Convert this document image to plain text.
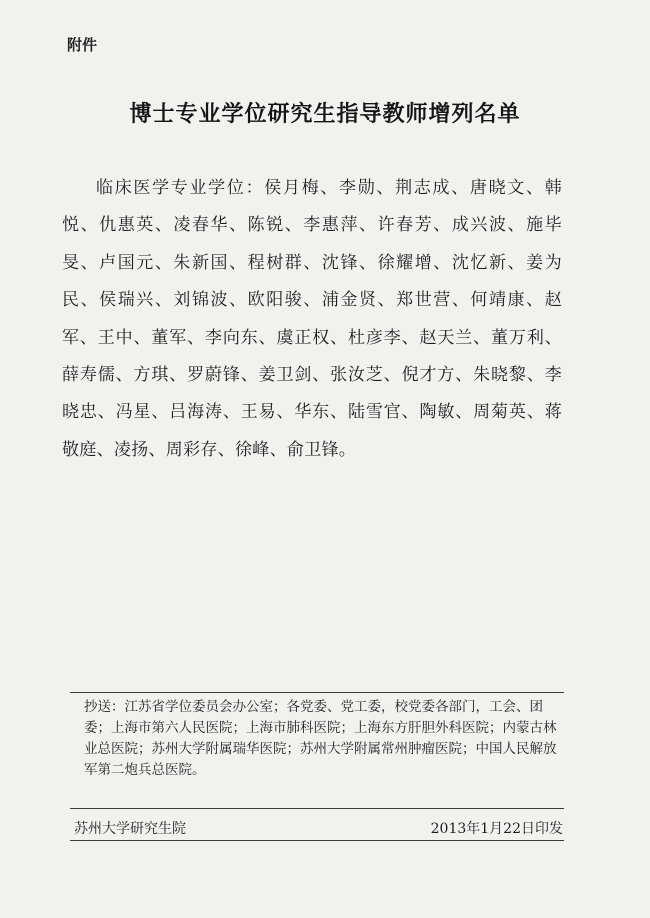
附件
博士专业学位研究生指导教师增列名单
临床医学专业学位：侯月梅、李勋、荆志成、唐晓文、韩悦、仇惠英、凌春华、陈锐、李惠萍、许春芳、成兴波、施毕旻、卢国元、朱新国、程树群、沈锋、徐耀增、沈忆新、姜为民、侯瑞兴、刘锦波、欧阳骏、浦金贤、郑世营、何靖康、赵军、王中、董军、李向东、虞正权、杜彦李、赵天兰、董万利、薛寿儒、方琪、罗蔚锋、姜卫剑、张汝芝、倪才方、朱晓黎、李晓忠、冯星、吕海涛、王易、华东、陆雪官、陶敏、周菊英、蒋敬庭、凌扬、周彩存、徐峰、俞卫锋。
抄送：江苏省学位委员会办公室；各党委、党工委，校党委各部门，工会、团委；上海市第六人民医院；上海市肺科医院；上海东方肝胆外科医院；内蒙古林业总医院；苏州大学附属瑞华医院；苏州大学附属常州肿瘤医院；中国人民解放军第二炮兵总医院。
苏州大学研究生院	2013年1月22日印发
